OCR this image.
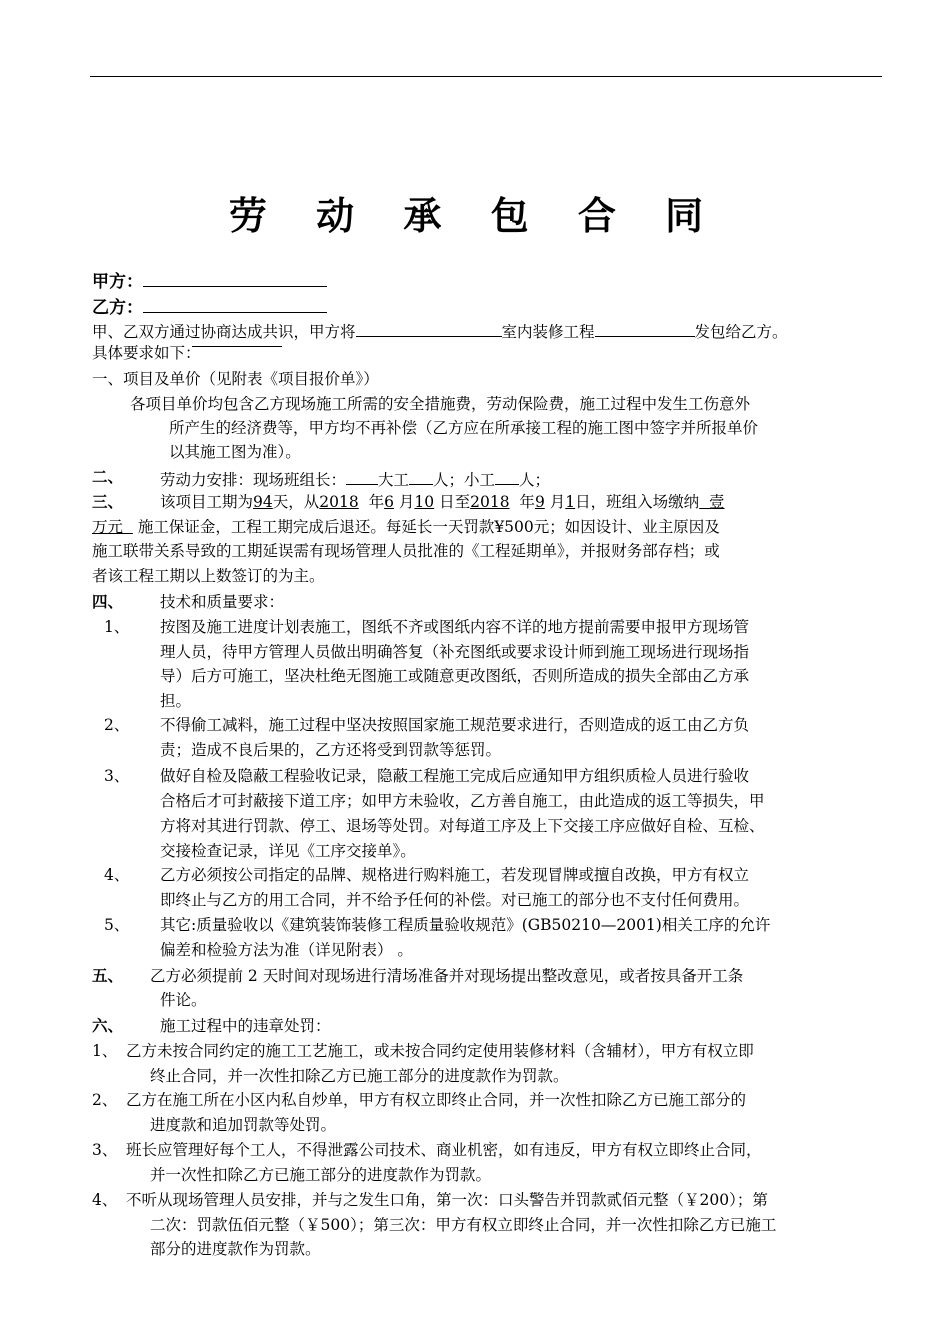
劳 动 承 包 合 同
甲方：
乙方：
甲、乙双方通过协商达成共识，甲方将	室内装修工程	发包给乙方。
具体要求如下：
一、项目及单价（见附表《项目报价单》）
各项目单价均包含乙方现场施工所需的安全措施费，劳动保险费，施工过程中发生工伤意外
所产生的经济费等，甲方均不再补偿（乙方应在所承接工程的施工图中签字并所报单价
以其施工图为准）。
二、 劳动力安排：现场班组长： 大工 人；小工 人；
三、 该项目工期为94天，从2018 年6 月10 日至2018 年9 月1日，班组入场缴纳 壹
万元 施工保证金，工程工期完成后退还。每延长一天罚款¥500元；如因设计、业主原因及
施工联带关系导致的工期延误需有现场管理人员批准的《工程延期单》，并报财务部存档；或
者该工程工期以上数签订的为主。
四、 技术和质量要求：
1、 按图及施工进度计划表施工，图纸不齐或图纸内容不详的地方提前需要申报甲方现场管
理人员，待甲方管理人员做出明确答复（补充图纸或要求设计师到施工现场进行现场指
导）后方可施工，坚决杜绝无图施工或随意更改图纸，否则所造成的损失全部由乙方承
担。
2、 不得偷工减料，施工过程中坚决按照国家施工规范要求进行，否则造成的返工由乙方负
责；造成不良后果的，乙方还将受到罚款等惩罚。
3、 做好自检及隐蔽工程验收记录，隐蔽工程施工完成后应通知甲方组织质检人员进行验收
合格后才可封蔽接下道工序；如甲方未验收，乙方善自施工，由此造成的返工等损失，甲
方将对其进行罚款、停工、退场等处罚。对每道工序及上下交接工序应做好自检、互检、
交接检查记录，详见《工序交接单》。
4、 乙方必须按公司指定的品牌、规格进行购料施工，若发现冒牌或擅自改换，甲方有权立
即终止与乙方的用工合同，并不给予任何的补偿。对已施工的部分也不支付任何费用。
5、 其它:质量验收以《建筑装饰装修工程质量验收规范》(GB50210—2001)相关工序的允许
偏差和检验方法为准（详见附表） 。
五、 乙方必须提前 2 天时间对现场进行清场准备并对现场提出整改意见，或者按具备开工条
件论。
六、 施工过程中的违章处罚：
1、 乙方未按合同约定的施工工艺施工，或未按合同约定使用装修材料（含辅材），甲方有权立即
终止合同，并一次性扣除乙方已施工部分的进度款作为罚款。
2、 乙方在施工所在小区内私自炒单，甲方有权立即终止合同，并一次性扣除乙方已施工部分的
进度款和追加罚款等处罚。
3、 班长应管理好每个工人，不得泄露公司技术、商业机密，如有违反，甲方有权立即终止合同，
并一次性扣除乙方已施工部分的进度款作为罚款。
4、 不听从现场管理人员安排，并与之发生口角，第一次：口头警告并罚款贰佰元整（￥200）；第
二次：罚款伍佰元整（￥500）；第三次：甲方有权立即终止合同，并一次性扣除乙方已施工
部分的进度款作为罚款。
